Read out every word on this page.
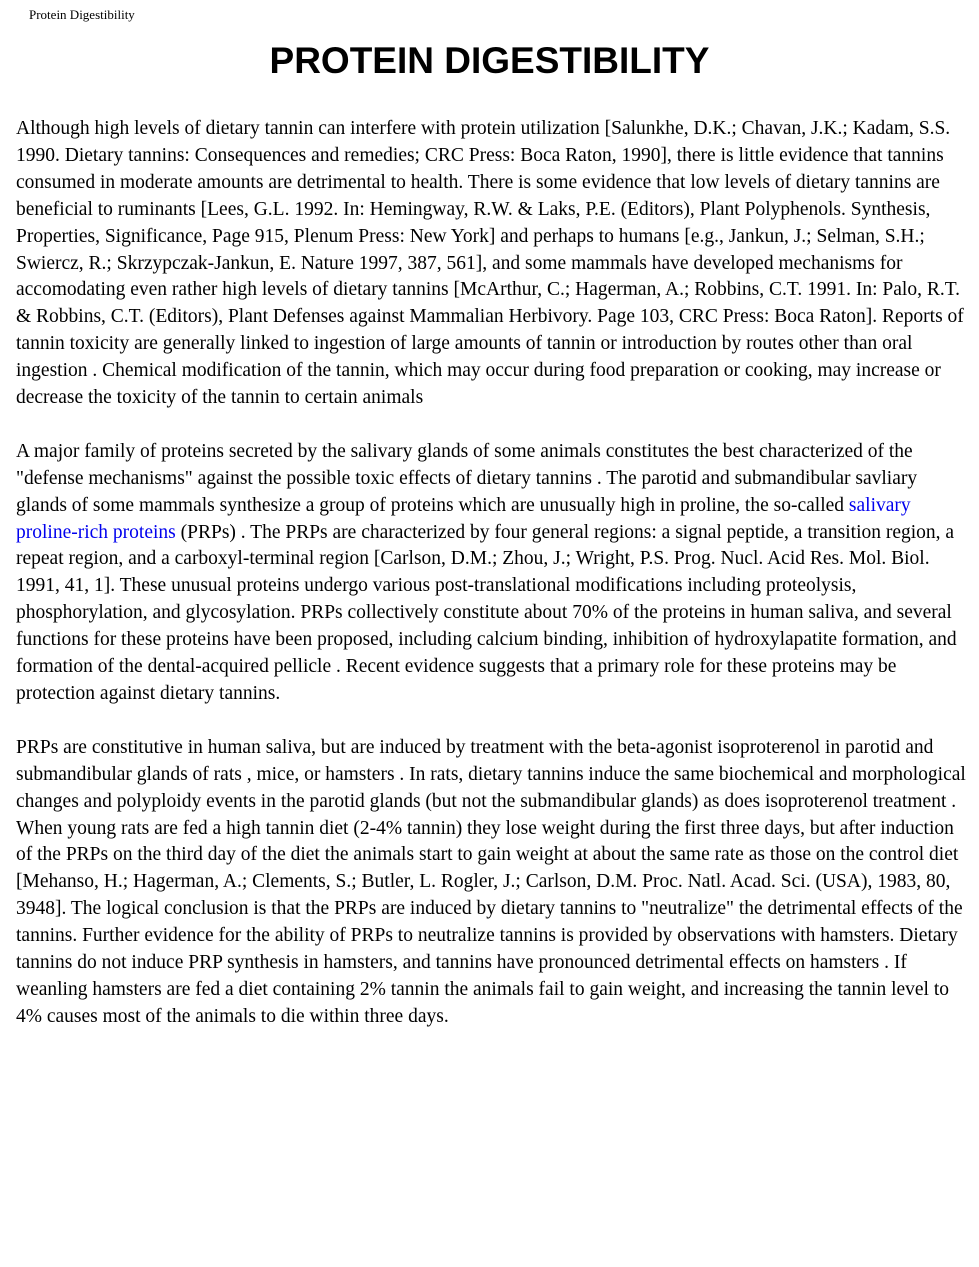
Protein Digestibility
PROTEIN DIGESTIBILITY

Although high levels of dietary tannin can interfere with protein utilization [Salunkhe, D.K.; Chavan, J.K.; Kadam, S.S. 1990. Dietary tannins: Consequences and remedies; CRC Press: Boca Raton, 1990], there is little evidence that tannins consumed in moderate amounts are detrimental to health. There is some evidence that low levels of dietary tannins are beneficial to ruminants [Lees, G.L. 1992. In: Hemingway, R.W. & Laks, P.E. (Editors), Plant Polyphenols. Synthesis, Properties, Significance, Page 915, Plenum Press: New York] and perhaps to humans [e.g., Jankun, J.; Selman, S.H.; Swiercz, R.; Skrzypczak-Jankun, E. Nature 1997, 387, 561], and some mammals have developed mechanisms for accomodating even rather high levels of dietary tannins [McArthur, C.; Hagerman, A.; Robbins, C.T. 1991. In: Palo, R.T. & Robbins, C.T. (Editors), Plant Defenses against Mammalian Herbivory. Page 103, CRC Press: Boca Raton]. Reports of tannin toxicity are generally linked to ingestion of large amounts of tannin or introduction by routes other than oral ingestion . Chemical modification of the tannin, which may occur during food preparation or cooking, may increase or decrease the toxicity of the tannin to certain animals

A major family of proteins secreted by the salivary glands of some animals constitutes the best characterized of the "defense mechanisms" against the possible toxic effects of dietary tannins . The parotid and submandibular savliary glands of some mammals synthesize a group of proteins which are unusually high in proline, the so-called salivary proline-rich proteins (PRPs) . The PRPs are characterized by four general regions: a signal peptide, a transition region, a repeat region, and a carboxyl-terminal region [Carlson, D.M.; Zhou, J.; Wright, P.S. Prog. Nucl. Acid Res. Mol. Biol. 1991, 41, 1]. These unusual proteins undergo various post-translational modifications including proteolysis, phosphorylation, and glycosylation. PRPs collectively constitute about 70% of the proteins in human saliva, and several functions for these proteins have been proposed, including calcium binding, inhibition of hydroxylapatite formation, and formation of the dental-acquired pellicle . Recent evidence suggests that a primary role for these proteins may be protection against dietary tannins.

PRPs are constitutive in human saliva, but are induced by treatment with the beta-agonist isoproterenol in parotid and submandibular glands of rats , mice, or hamsters . In rats, dietary tannins induce the same biochemical and morphological changes and polyploidy events in the parotid glands (but not the submandibular glands) as does isoproterenol treatment . When young rats are fed a high tannin diet (2-4% tannin) they lose weight during the first three days, but after induction of the PRPs on the third day of the diet the animals start to gain weight at about the same rate as those on the control diet [Mehanso, H.; Hagerman, A.; Clements, S.; Butler, L. Rogler, J.; Carlson, D.M. Proc. Natl. Acad. Sci. (USA), 1983, 80, 3948]. The logical conclusion is that the PRPs are induced by dietary tannins to "neutralize" the detrimental effects of the tannins. Further evidence for the ability of PRPs to neutralize tannins is provided by observations with hamsters. Dietary tannins do not induce PRP synthesis in hamsters, and tannins have pronounced detrimental effects on hamsters . If weanling hamsters are fed a diet containing 2% tannin the animals fail to gain weight, and increasing the tannin level to 4% causes most of the animals to die within three days.
